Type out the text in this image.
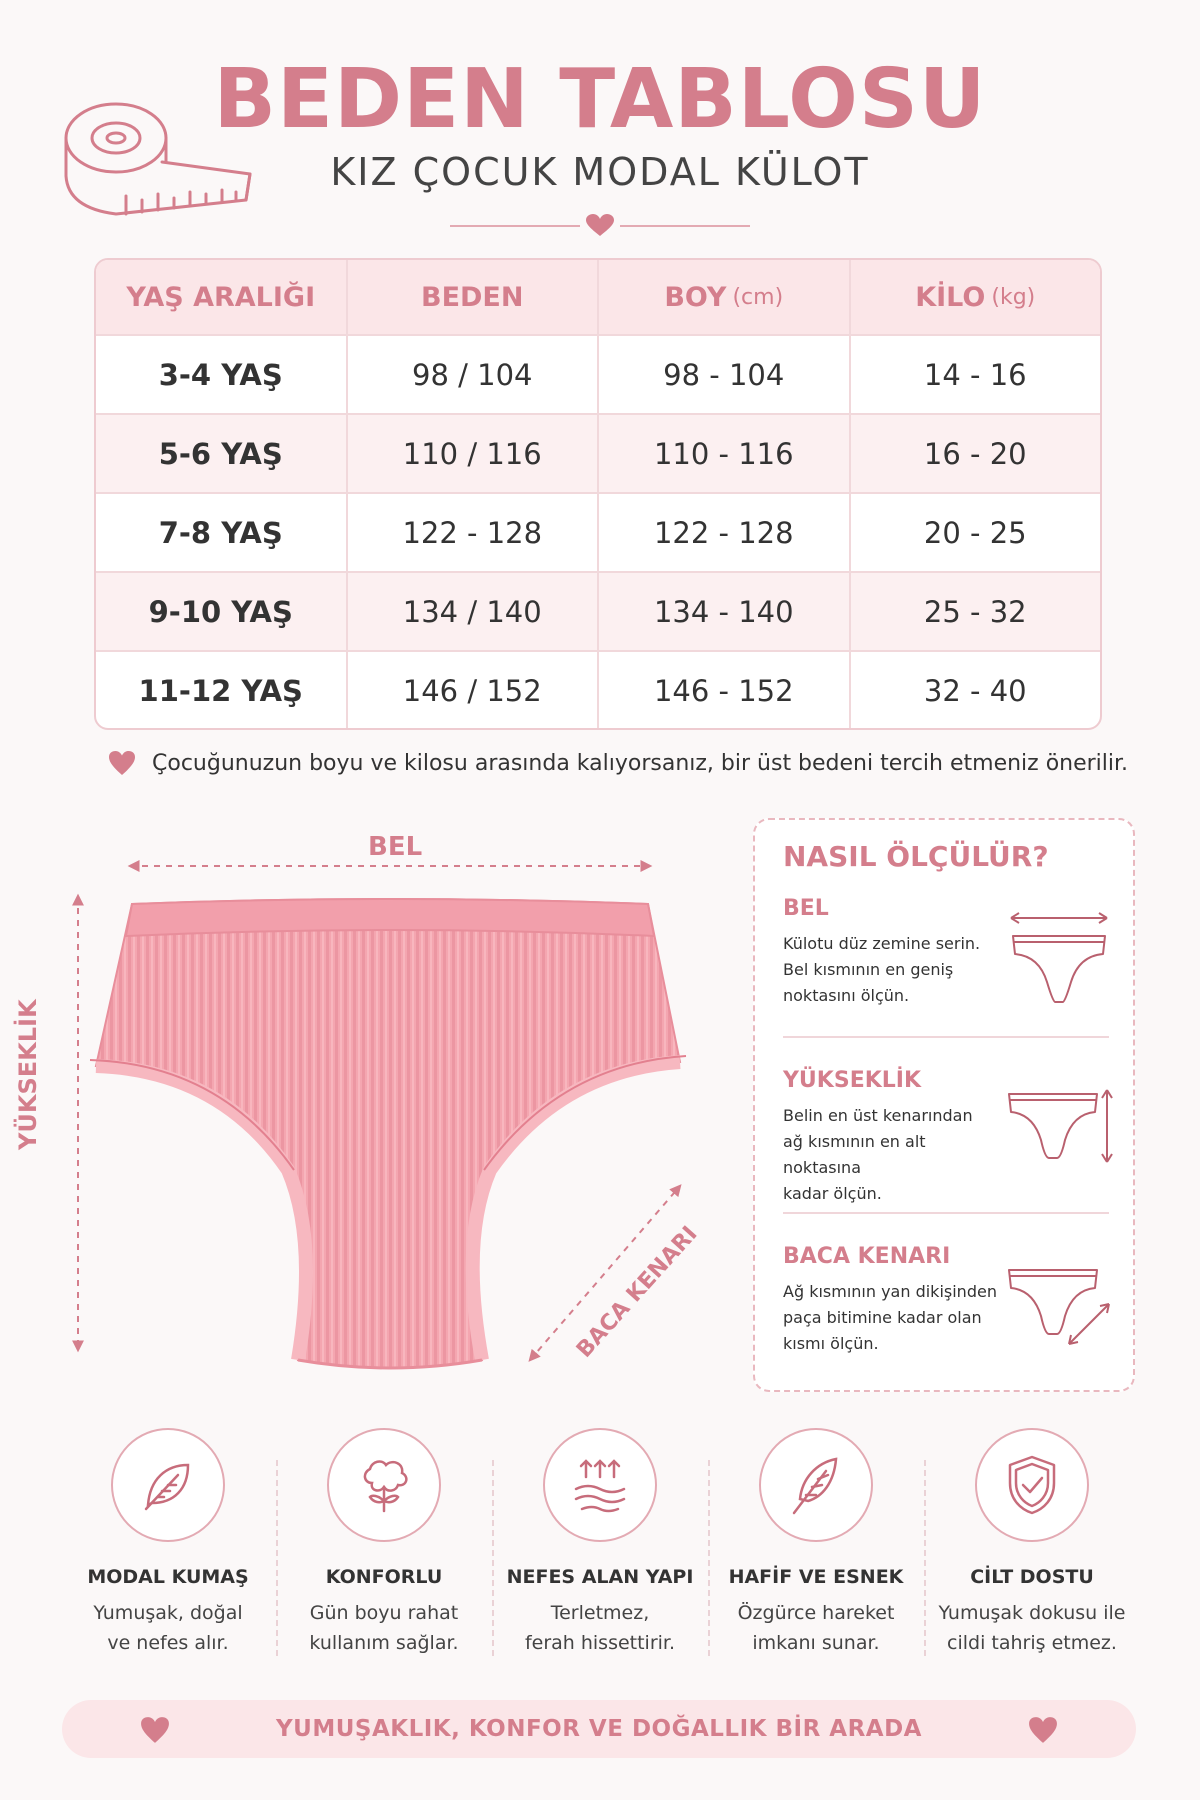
BEDEN TABLOSU
KIZ ÇOCUK MODAL KÜLOT
YAŞ ARALIĞI	BEDEN	BOY (cm)	KİLO (kg)
3-4 YAŞ	98 / 104	98 - 104	14 - 16
5-6 YAŞ	110 / 116	110 - 116	16 - 20
7-8 YAŞ	122 - 128	122 - 128	20 - 25
9-10 YAŞ	134 / 140	134 - 140	25 - 32
11-12 YAŞ	146 / 152	146 - 152	32 - 40
Çocuğunuzun boyu ve kilosu arasında kalıyorsanız, bir üst bedeni tercih etmeniz önerilir.
BEL
YÜKSEKLİK
BACA KENARI
NASIL ÖLÇÜLÜR?
BEL
Külotu düz zemine serin.
Bel kısmının en geniş
noktasını ölçün.
YÜKSEKLİK
Belin en üst kenarından
ağ kısmının en alt noktasına
kadar ölçün.
BACA KENARI
Ağ kısmının yan dikişinden
paça bitimine kadar olan
kısmı ölçün.
MODAL KUMAŞ
Yumuşak, doğal
ve nefes alır.
KONFORLU
Gün boyu rahat
kullanım sağlar.
NEFES ALAN YAPI
Terletmez,
ferah hissettirir.
HAFİF VE ESNEK
Özgürce hareket
imkanı sunar.
CİLT DOSTU
Yumuşak dokusu ile
cildi tahriş etmez.
YUMUŞAKLIK, KONFOR VE DOĞALLIK BİR ARADA
